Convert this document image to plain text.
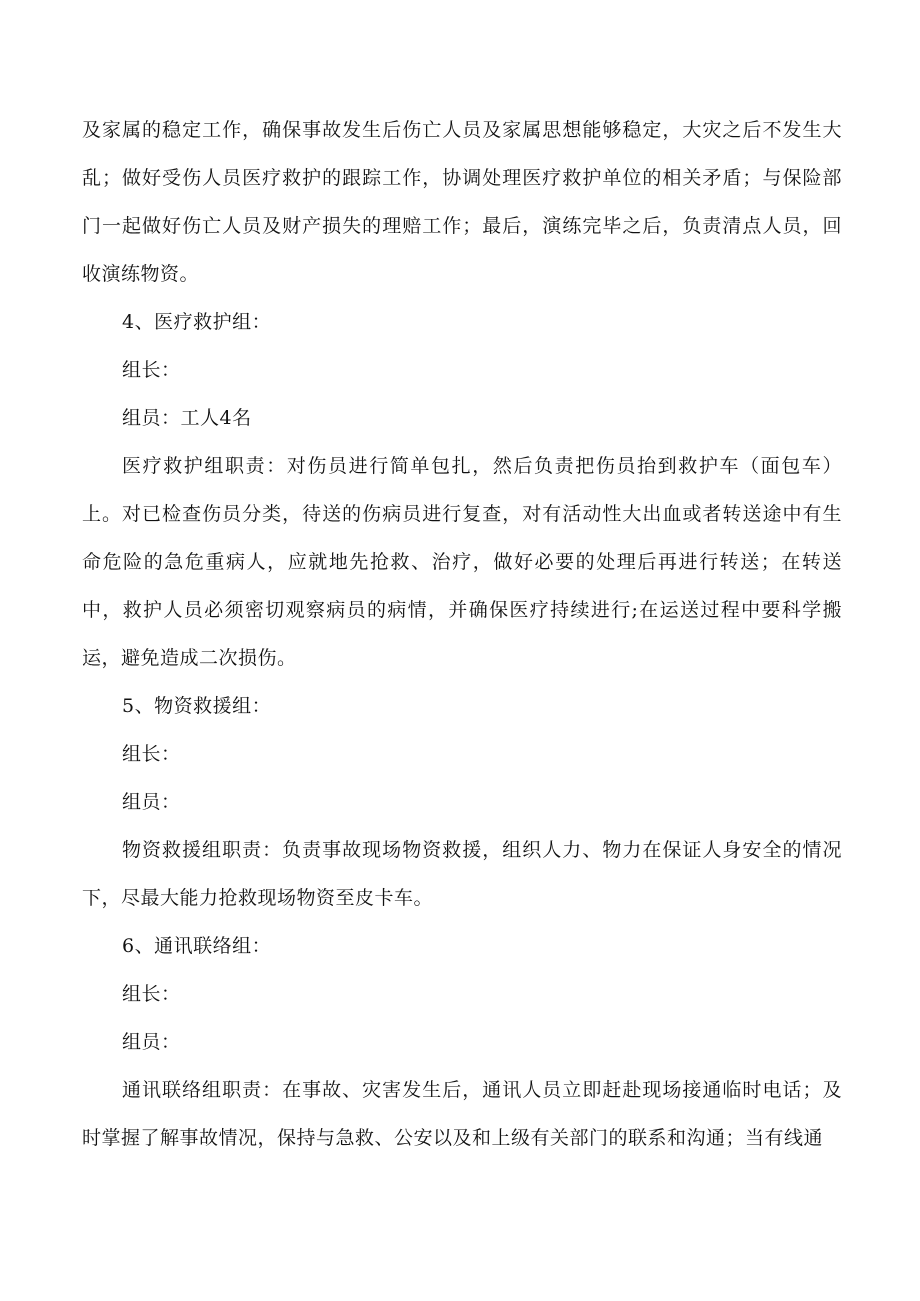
及家属的稳定工作，确保事故发生后伤亡人员及家属思想能够稳定，大灾之后不发生大乱；做好受伤人员医疗救护的跟踪工作，协调处理医疗救护单位的相关矛盾；与保险部门一起做好伤亡人员及财产损失的理赔工作；最后，演练完毕之后，负责清点人员，回收演练物资。

4、医疗救护组：

组长：

组员：工人4名

医疗救护组职责：对伤员进行简单包扎，然后负责把伤员抬到救护车（面包车）上。对已检查伤员分类，待送的伤病员进行复查，对有活动性大出血或者转送途中有生命危险的急危重病人，应就地先抢救、治疗，做好必要的处理后再进行转送；在转送中，救护人员必须密切观察病员的病情，并确保医疗持续进行;在运送过程中要科学搬运，避免造成二次损伤。

5、物资救援组：

组长：

组员：

物资救援组职责：负责事故现场物资救援，组织人力、物力在保证人身安全的情况下，尽最大能力抢救现场物资至皮卡车。

6、通讯联络组：

组长：

组员：

通讯联络组职责：在事故、灾害发生后，通讯人员立即赶赴现场接通临时电话；及时掌握了解事故情况，保持与急救、公安以及和上级有关部门的联系和沟通；当有线通
